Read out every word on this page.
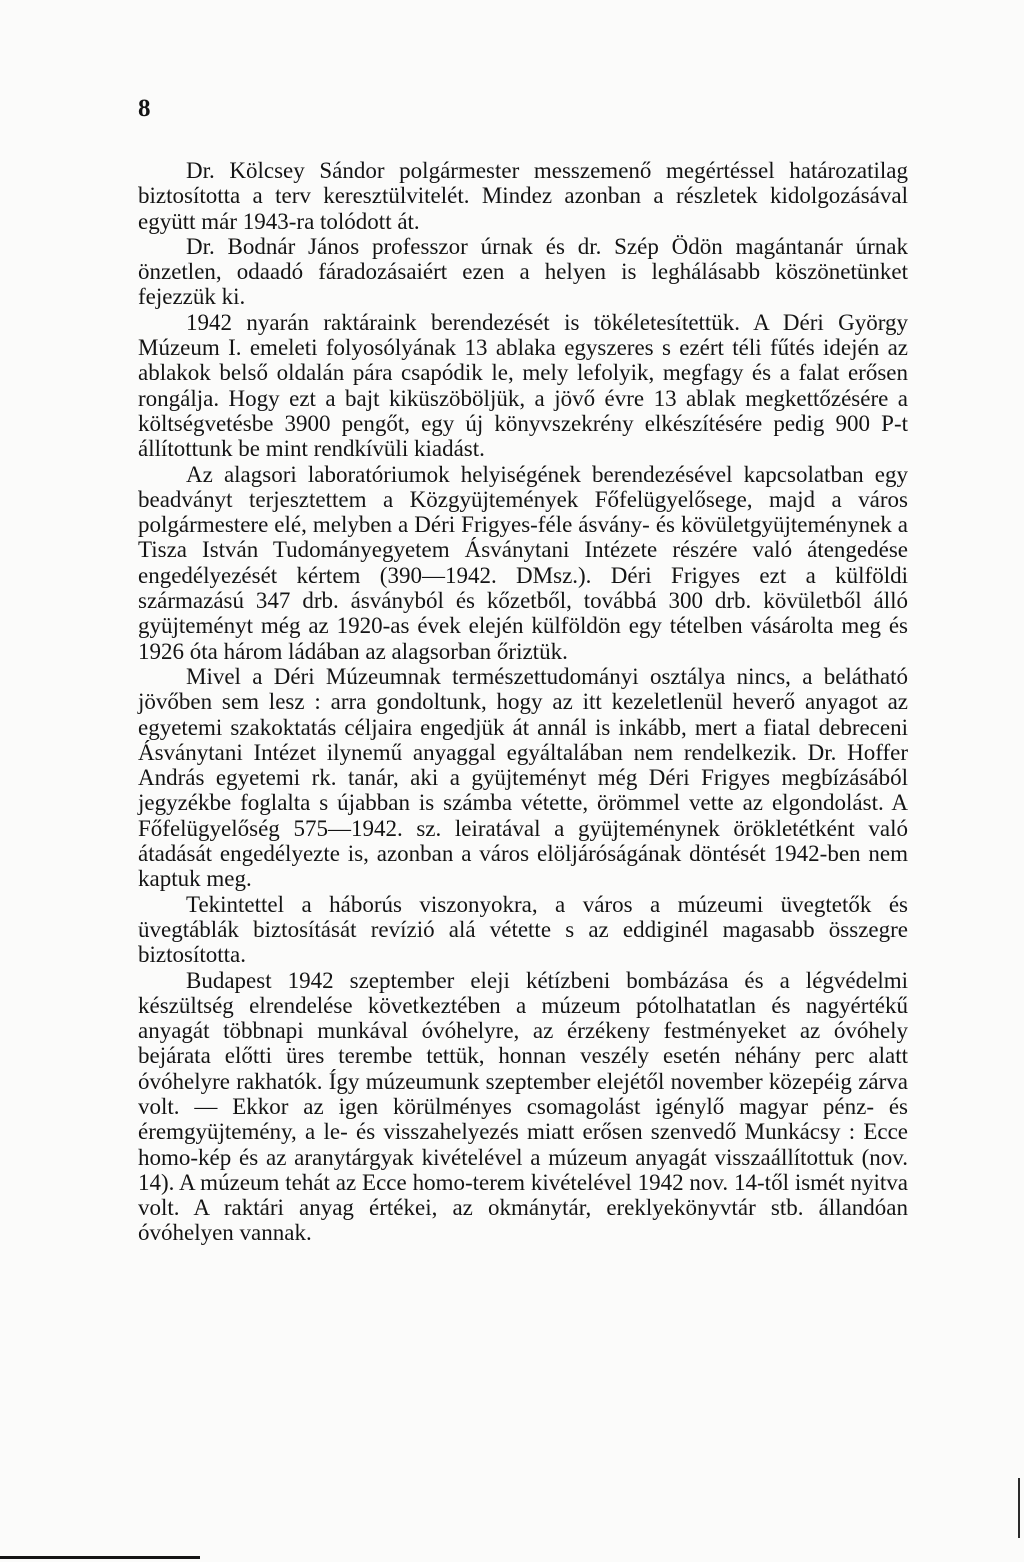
8

Dr. Kölcsey Sándor polgármester messzemenő megértéssel határozatilag biztosította a terv keresztülvitelét. Mindez azonban a részletek kidolgozásával együtt már 1943-ra tolódott át.

Dr. Bodnár János professzor úrnak és dr. Szép Ödön magántanár úrnak önzetlen, odaadó fáradozásaiért ezen a helyen is leghálásabb köszönetünket fejezzük ki.

1942 nyarán raktáraink berendezését is tökéletesítettük. A Déri György Múzeum I. emeleti folyosólyának 13 ablaka egyszeres s ezért téli fűtés idején az ablakok belső oldalán pára csapódik le, mely lefolyik, megfagy és a falat erősen rongálja. Hogy ezt a bajt kiküszöböljük, a jövő évre 13 ablak megkettőzésére a költségvetésbe 3900 pengőt, egy új könyvszekrény elkészítésére pedig 900 P-t állítottunk be mint rendkívüli kiadást.

Az alagsori laboratóriumok helyiségének berendezésével kapcsolatban egy beadványt terjesztettem a Közgyüjtemények Főfelügyelősege, majd a város polgármestere elé, melyben a Déri Frigyes-féle ásvány- és kövületgyüjteménynek a Tisza István Tudományegyetem Ásványtani Intézete részére való átengedése engedélyezését kértem (390—1942. DMsz.). Déri Frigyes ezt a külföldi származású 347 drb. ásványból és kőzetből, továbbá 300 drb. kövületből álló gyüjteményt még az 1920-as évek elején külföldön egy tételben vásárolta meg és 1926 óta három ládában az alagsorban őriztük.

Mivel a Déri Múzeumnak természettudományi osztálya nincs, a belátható jövőben sem lesz : arra gondoltunk, hogy az itt kezeletlenül heverő anyagot az egyetemi szakoktatás céljaira engedjük át annál is inkább, mert a fiatal debreceni Ásványtani Intézet ilynemű anyaggal egyáltalában nem rendelkezik. Dr. Hoffer András egyetemi rk. tanár, aki a gyüjteményt még Déri Frigyes megbízásából jegyzékbe foglalta s újabban is számba vétette, örömmel vette az elgondolást. A Főfelügyelőség 575—1942. sz. leiratával a gyüjteménynek örökletétként való átadását engedélyezte is, azonban a város elöljáróságának döntését 1942-ben nem kaptuk meg.

Tekintettel a háborús viszonyokra, a város a múzeumi üvegtetők és üvegtáblák biztosítását revízió alá vétette s az eddiginél magasabb összegre biztosította.

Budapest 1942 szeptember eleji kétízbeni bombázása és a légvédelmi készültség elrendelése következtében a múzeum pótolhatatlan és nagyértékű anyagát többnapi munkával óvóhelyre, az érzékeny festményeket az óvóhely bejárata előtti üres terembe tettük, honnan veszély esetén néhány perc alatt óvóhelyre rakhatók. Így múzeumunk szeptember elejétől november közepéig zárva volt. — Ekkor az igen körülményes csomagolást igénylő magyar pénz- és éremgyüjtemény, a le- és visszahelyezés miatt erősen szenvedő Munkácsy : Ecce homo-kép és az aranytárgyak kivételével a múzeum anyagát visszaállítottuk (nov. 14). A múzeum tehát az Ecce homo-terem kivételével 1942 nov. 14-től ismét nyitva volt. A raktári anyag értékei, az okmánytár, ereklyekönyvtár stb. állandóan óvóhelyen vannak.
